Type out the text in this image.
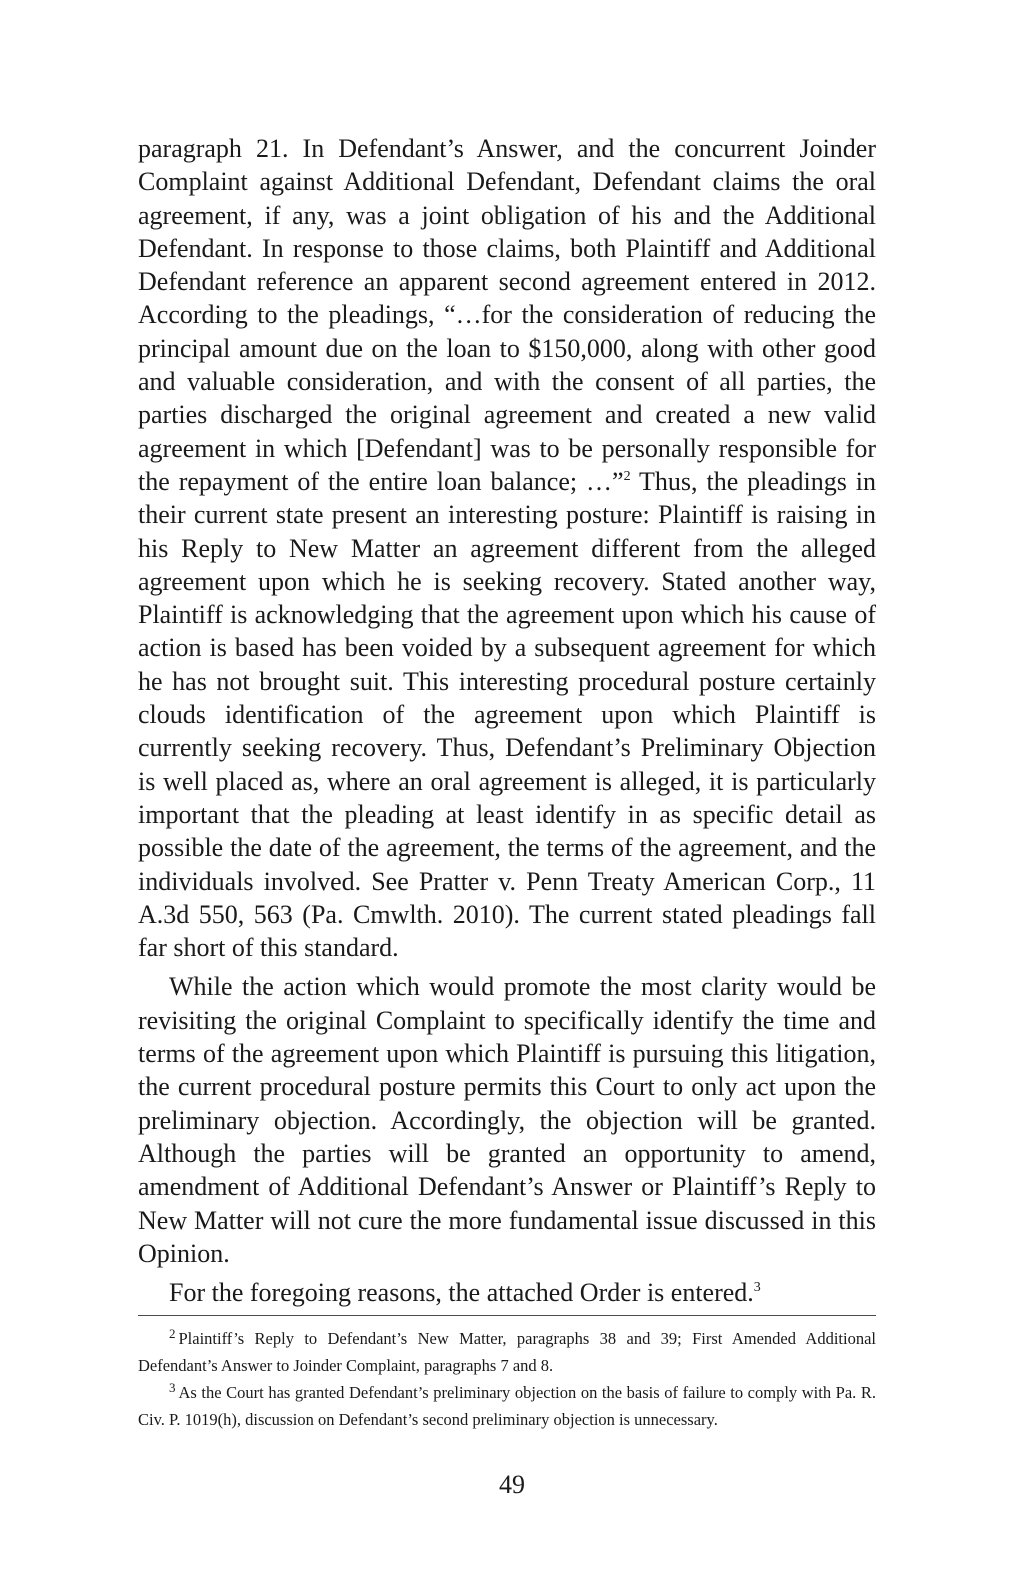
paragraph 21. In Defendant’s Answer, and the concurrent Joinder Complaint against Additional Defendant, Defendant claims the oral agreement, if any, was a joint obligation of his and the Additional Defendant. In response to those claims, both Plaintiff and Additional Defendant reference an apparent second agreement entered in 2012. According to the pleadings, “…for the consideration of reducing the principal amount due on the loan to $150,000, along with other good and valuable consideration, and with the consent of all parties, the parties discharged the original agreement and created a new valid agreement in which [Defendant] was to be personally responsible for the repayment of the entire loan balance; …”$^2$ Thus, the pleadings in their current state present an interesting posture: Plaintiff is raising in his Reply to New Matter an agreement different from the alleged agreement upon which he is seeking recovery. Stated another way, Plaintiff is acknowledging that the agreement upon which his cause of action is based has been voided by a subsequent agreement for which he has not brought suit. This interesting procedural posture certainly clouds identification of the agreement upon which Plaintiff is currently seeking recovery. Thus, Defendant’s Preliminary Objection is well placed as, where an oral agreement is alleged, it is particularly important that the pleading at least identify in as specific detail as possible the date of the agreement, the terms of the agreement, and the individuals involved. See Pratter v. Penn Treaty American Corp., 11 A.3d 550, 563 (Pa. Cmwlth. 2010). The current stated pleadings fall far short of this standard.

While the action which would promote the most clarity would be revisiting the original Complaint to specifically identify the time and terms of the agreement upon which Plaintiff is pursuing this litigation, the current procedural posture permits this Court to only act upon the preliminary objection. Accordingly, the objection will be granted. Although the parties will be granted an opportunity to amend, amendment of Additional Defendant’s Answer or Plaintiff’s Reply to New Matter will not cure the more fundamental issue discussed in this Opinion.

For the foregoing reasons, the attached Order is entered.$^3$

$^2$ Plaintiff’s Reply to Defendant’s New Matter, paragraphs 38 and 39; First Amended Additional Defendant’s Answer to Joinder Complaint, paragraphs 7 and 8.

$^3$ As the Court has granted Defendant’s preliminary objection on the basis of failure to comply with Pa. R. Civ. P. 1019(h), discussion on Defendant’s second preliminary objection is unnecessary.

49
